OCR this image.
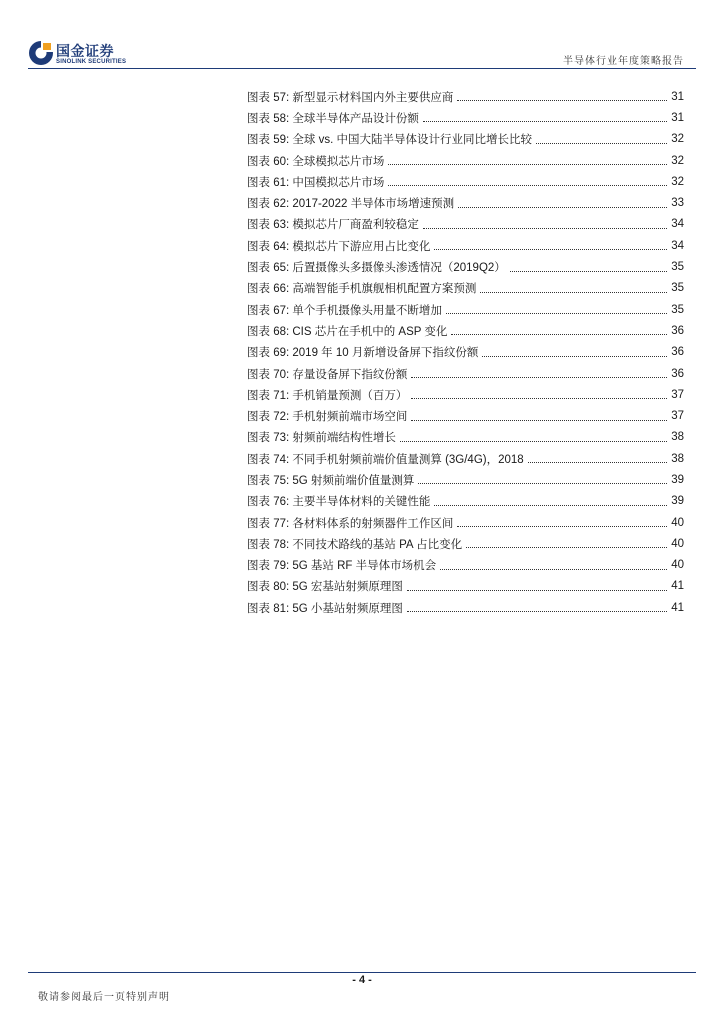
国金证券
SINOLINK SECURITIES	半导体行业年度策略报告
图表 57: 新型显示材料国内外主要供应商	31
图表 58: 全球半导体产品设计份额	31
图表 59: 全球 vs. 中国大陆半导体设计行业同比增长比较	32
图表 60: 全球模拟芯片市场	32
图表 61: 中国模拟芯片市场	32
图表 62: 2017-2022 半导体市场增速预测	33
图表 63: 模拟芯片厂商盈利较稳定	34
图表 64: 模拟芯片下游应用占比变化	34
图表 65: 后置摄像头多摄像头渗透情况（2019Q2）	35
图表 66: 高端智能手机旗舰相机配置方案预测	35
图表 67: 单个手机摄像头用量不断增加	35
图表 68: CIS 芯片在手机中的 ASP 变化	36
图表 69: 2019 年 10 月新增设备屏下指纹份额	36
图表 70: 存量设备屏下指纹份额	36
图表 71: 手机销量预测（百万）	37
图表 72: 手机射频前端市场空间	37
图表 73: 射频前端结构性增长	38
图表 74: 不同手机射频前端价值量测算 (3G/4G)，2018	38
图表 75: 5G 射频前端价值量测算	39
图表 76: 主要半导体材料的关键性能	39
图表 77: 各材料体系的射频器件工作区间	40
图表 78: 不同技术路线的基站 PA 占比变化	40
图表 79: 5G 基站 RF 半导体市场机会	40
图表 80: 5G 宏基站射频原理图	41
图表 81: 5G 小基站射频原理图	41
- 4 -
敬请参阅最后一页特别声明
